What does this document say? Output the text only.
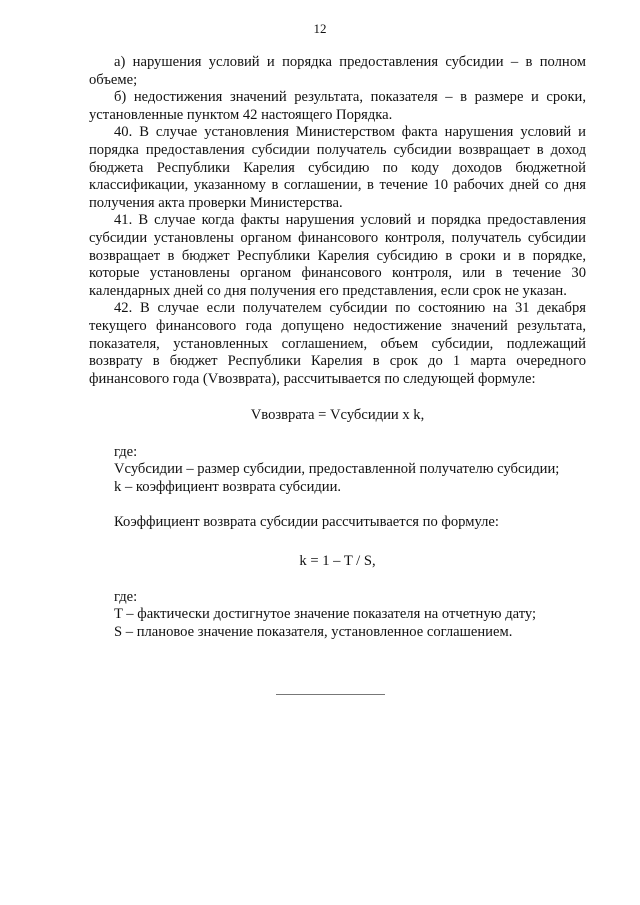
12

а) нарушения условий и порядка предоставления субсидии – в полном объеме;

б) недостижения значений результата, показателя – в размере и сроки, установленные пунктом 42 настоящего Порядка.

40. В случае установления Министерством факта нарушения условий и порядка предоставления субсидии получатель субсидии возвращает в доход бюджета Республики Карелия субсидию по коду доходов бюджетной классификации, указанному в соглашении, в течение 10 рабочих дней со дня получения акта проверки Министерства.

41. В случае когда факты нарушения условий и порядка предоставления субсидии установлены органом финансового контроля, получатель субсидии возвращает в бюджет Республики Карелия субсидию в сроки и в порядке, которые установлены органом финансового контроля, или в течение 30 календарных дней со дня получения его представления, если срок не указан.

42. В случае если получателем субсидии по состоянию на 31 декабря текущего финансового года допущено недостижение значений результата, показателя, установленных соглашением, объем субсидии, подлежащий возврату в бюджет Республики Карелия в срок до 1 марта очередного финансового года (Vвозврата), рассчитывается по следующей формуле:

Vвозврата = Vсубсидии x k,

где:

Vсубсидии – размер субсидии, предоставленной получателю субсидии;

k – коэффициент возврата субсидии.

Коэффициент возврата субсидии рассчитывается по формуле:

k = 1 – T / S,

где:

T – фактически достигнутое значение показателя на отчетную дату;

S – плановое значение показателя, установленное соглашением.
